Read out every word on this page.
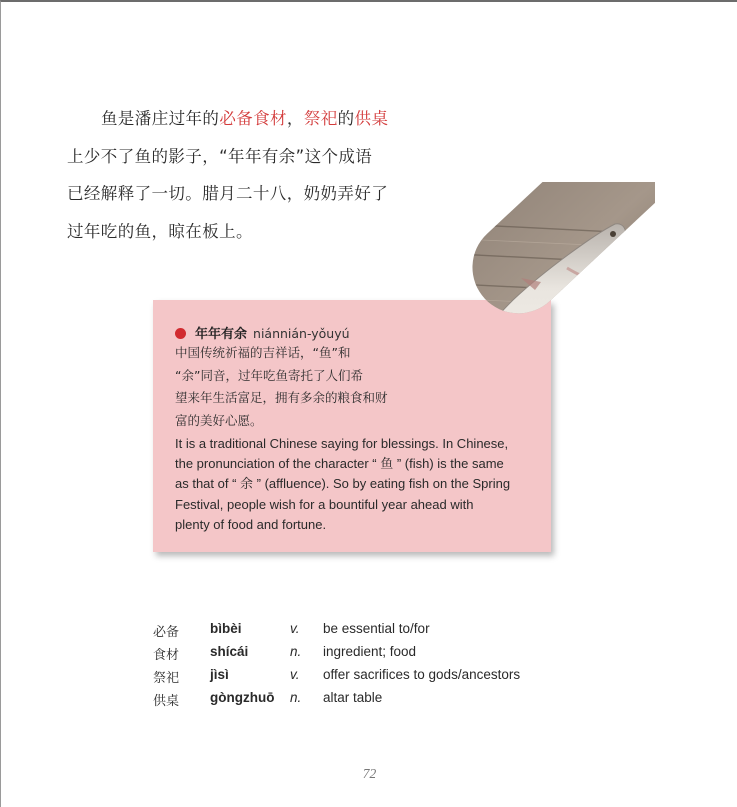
鱼是潘庄过年的必备食材，祭祀的供桌
上少不了鱼的影子，“年年有余”这个成语
已经解释了一切。腊月二十八，奶奶弄好了
过年吃的鱼，晾在板上。
年年有余 niánnián-yǒuyú
中国传统祈福的吉祥话，“鱼”和
“余”同音，过年吃鱼寄托了人们希
望来年生活富足，拥有多余的粮食和财
富的美好心愿。
It is a traditional Chinese saying for blessings. In Chinese,
the pronunciation of the character “ 鱼 ” (fish) is the same
as that of “ 余 ” (affluence). So by eating fish on the Spring
Festival, people wish for a bountiful year ahead with
plenty of food and fortune.
必备 bìbèi	v. be essential to/for
食材 shícái	n. ingredient; food
祭祀 jìsì	v. offer sacrifices to gods/ancestors
供桌 gòngzhuō n. altar table
72
